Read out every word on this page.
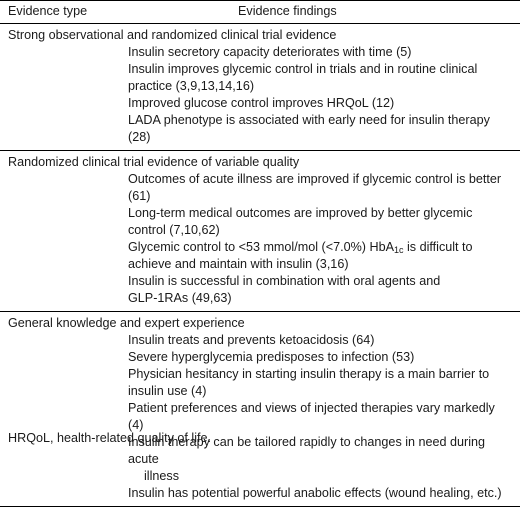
Evidence type	Evidence findings
Strong observational and randomized clinical trial evidence
Insulin secretory capacity deteriorates with time (5)
Insulin improves glycemic control in trials and in routine clinical
practice (3,9,13,14,16)
Improved glucose control improves HRQoL (12)
LADA phenotype is associated with early need for insulin therapy (28)
Randomized clinical trial evidence of variable quality
Outcomes of acute illness are improved if glycemic control is better (61)
Long-term medical outcomes are improved by better glycemic
control (7,10,62)
Glycemic control to <53 mmol/mol (<7.0%) HbA$_{1c}$ is difficult to
achieve and maintain with insulin (3,16)
Insulin is successful in combination with oral agents and
GLP-1RAs (49,63)
General knowledge and expert experience
Insulin treats and prevents ketoacidosis (64)
Severe hyperglycemia predisposes to infection (53)
Physician hesitancy in starting insulin therapy is a main barrier to
insulin use (4)
Patient preferences and views of injected therapies vary markedly (4)
Insulin therapy can be tailored rapidly to changes in need during acute
illness
Insulin has potential powerful anabolic effects (wound healing, etc.)
HRQoL, health-related quality of life.
